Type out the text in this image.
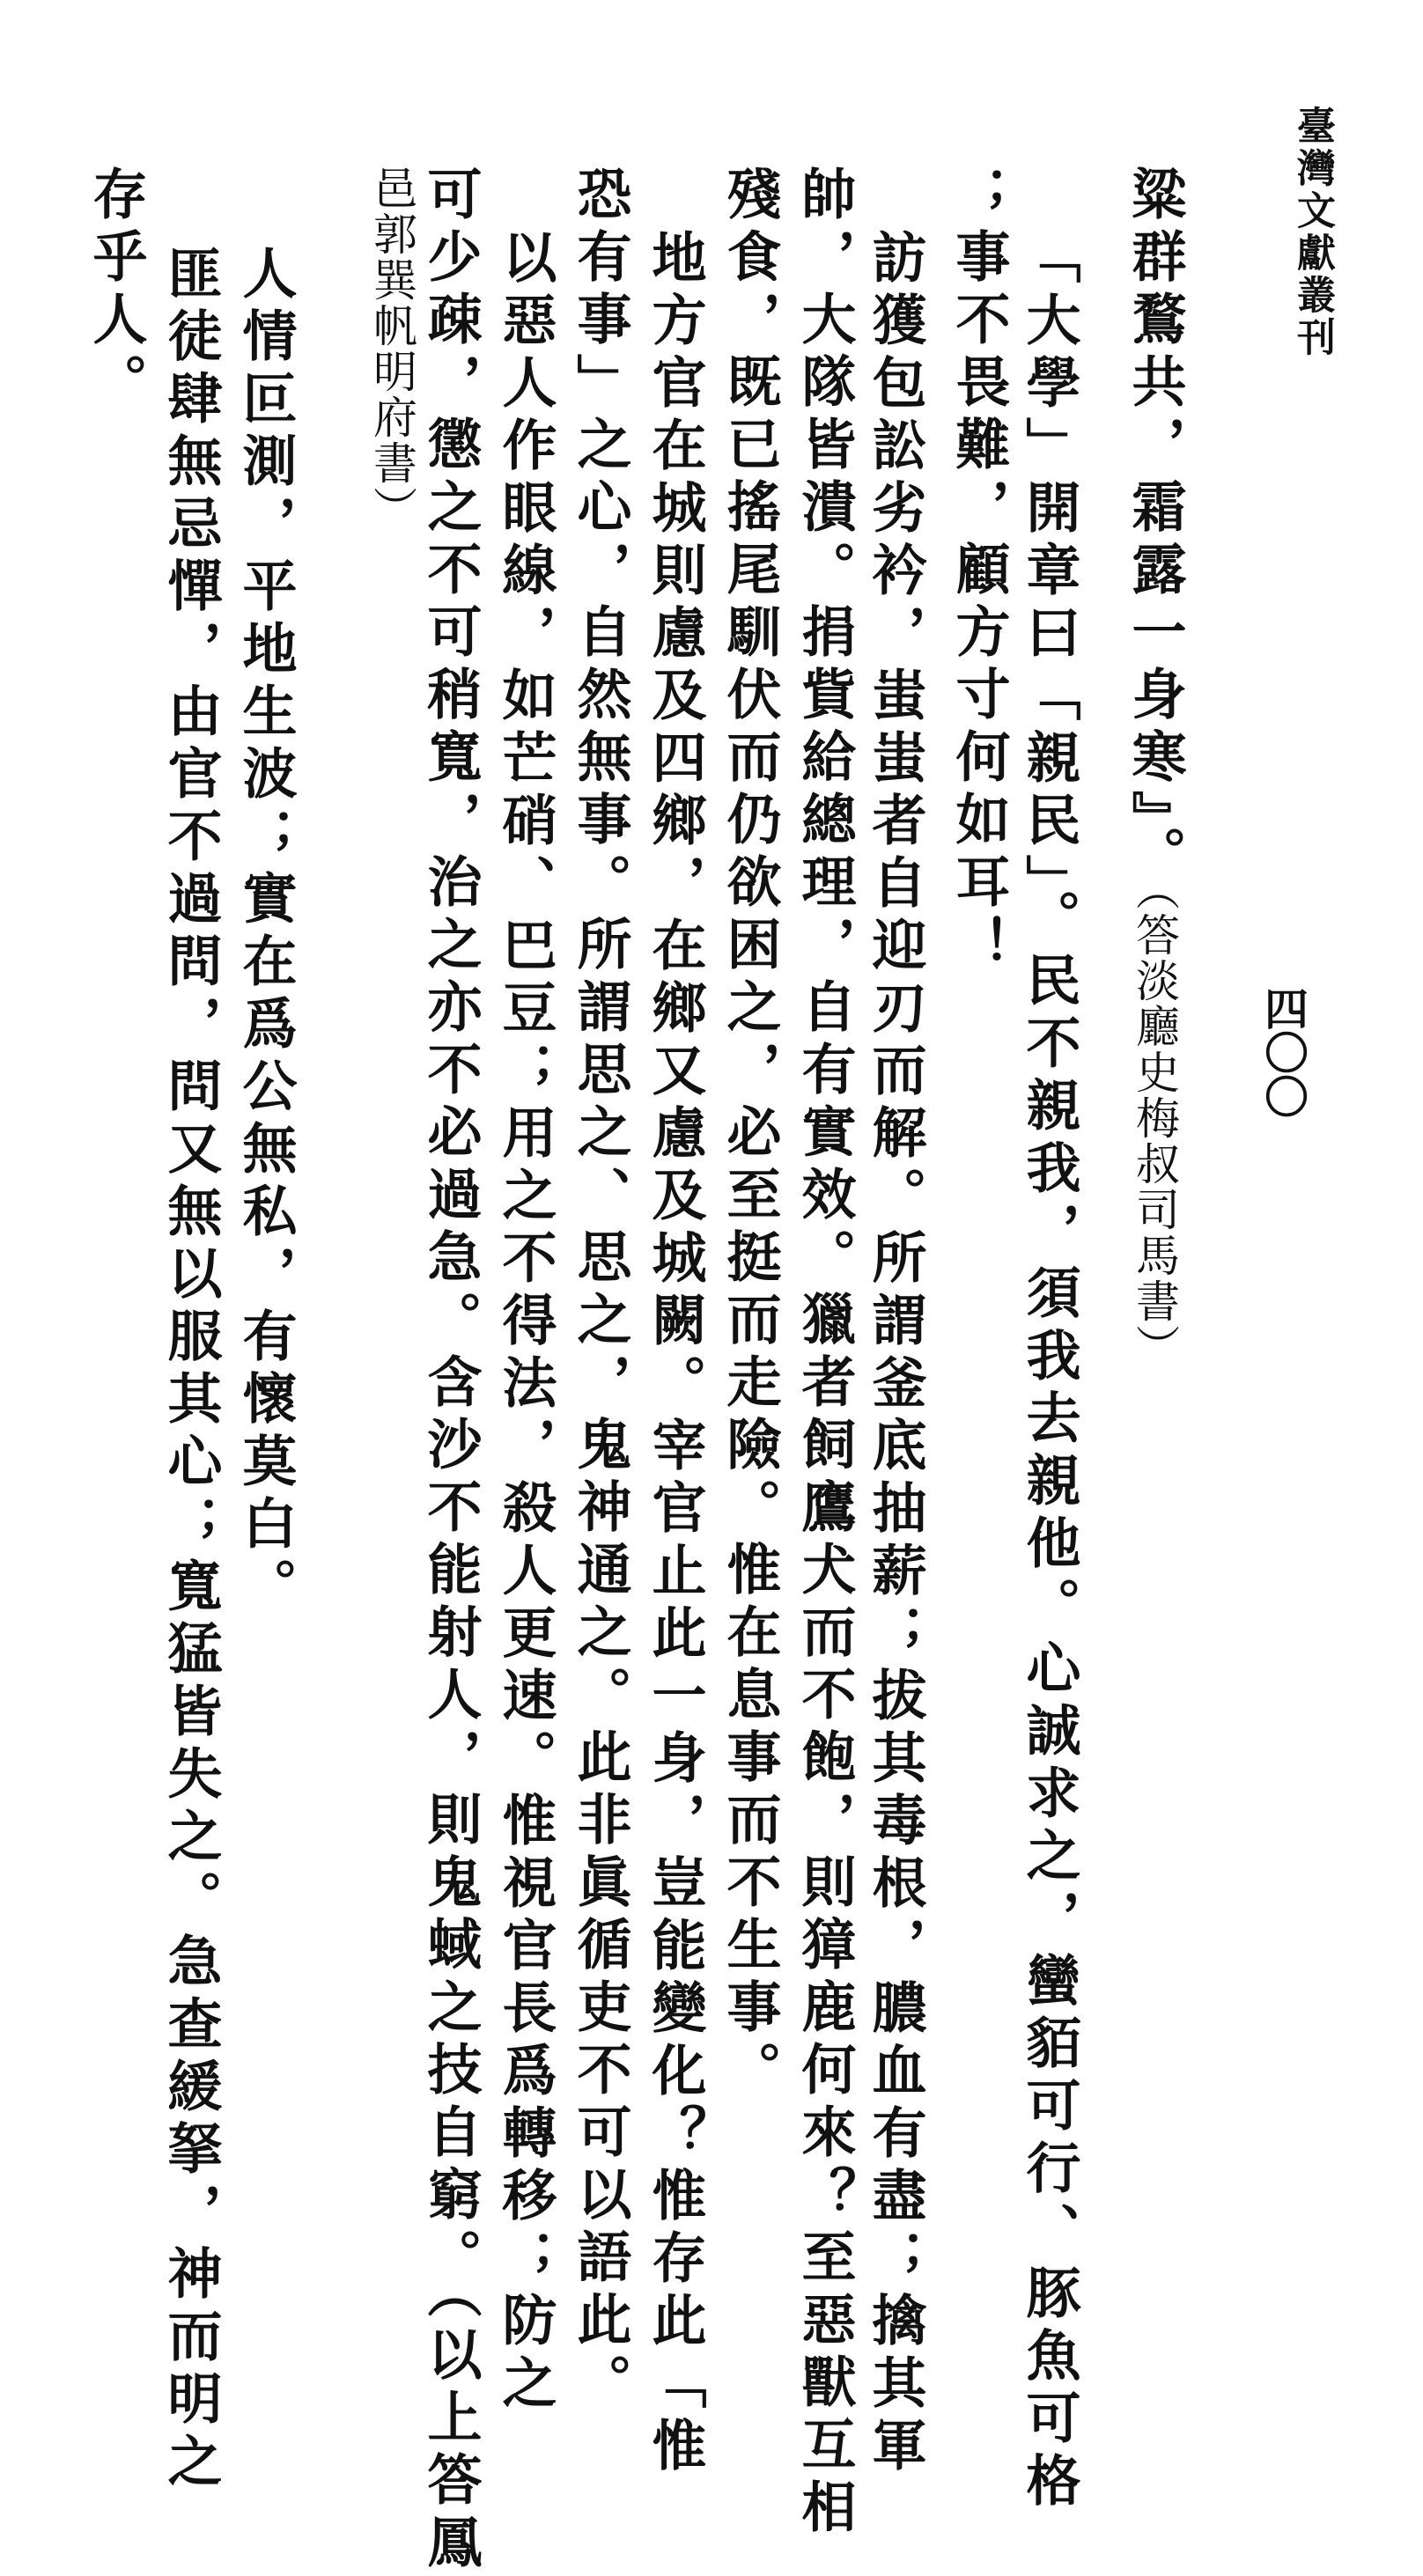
臺灣文獻叢刊
四〇〇
粱群鶩共，霜露一身寒』。（答淡廳史梅叔司馬書）
「大學」開章曰「親民」。民不親我，須我去親他。心誠求之，蠻貊可行、豚魚可格
；事不畏難，顧方寸何如耳！
訪獲包訟劣衿，蚩蚩者自迎刃而解。所謂釜底抽薪；拔其毒根，膿血有盡；擒其軍
帥，大隊皆潰。捐貲給總理，自有實效。獵者飼鷹犬而不飽，則獐鹿何來？至惡獸互相
殘食，既已搖尾馴伏而仍欲困之，必至挺而走險。惟在息事而不生事。
地方官在城則慮及四鄉，在鄉又慮及城闕。宰官止此一身，豈能變化？惟存此「惟
恐有事」之心，自然無事。所謂思之、思之，鬼神通之。此非眞循吏不可以語此。
以惡人作眼線，如芒硝、巴豆；用之不得法，殺人更速。惟視官長爲轉移；防之
可少疎，懲之不可稍寬，治之亦不必過急。含沙不能射人，則鬼蜮之技自窮。（以上答鳳
邑郭巽帆明府書）
人情叵測，平地生波；實在爲公無私，有懷莫白。
匪徒肆無忌憚，由官不過問，問又無以服其心；寬猛皆失之。急查緩拏，神而明之
存乎人。
